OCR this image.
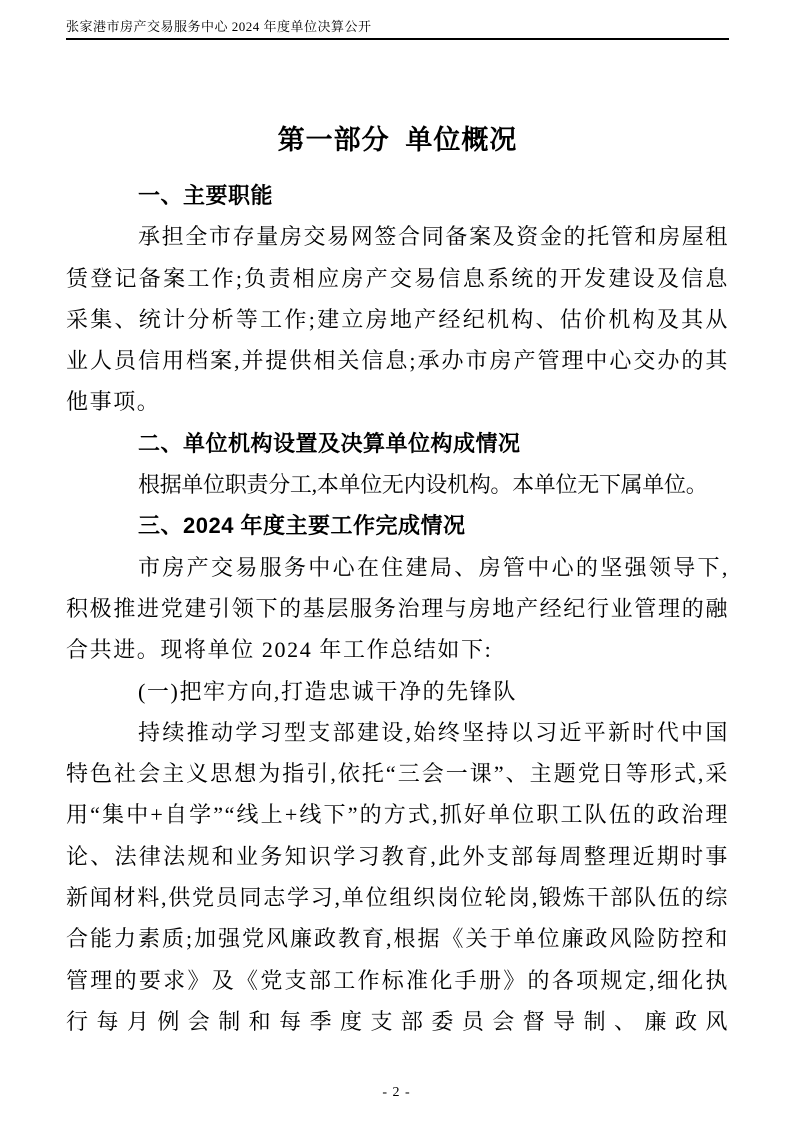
张家港市房产交易服务中心 2024 年度单位决算公开
第一部分 单位概况
一、主要职能

承担全市存量房交易网签合同备案及资金的托管和房屋租赁登记备案工作;负责相应房产交易信息系统的开发建设及信息采集、统计分析等工作;建立房地产经纪机构、估价机构及其从业人员信用档案,并提供相关信息;承办市房产管理中心交办的其他事项。

二、单位机构设置及决算单位构成情况

根据单位职责分工,本单位无内设机构。本单位无下属单位。

三、2024 年度主要工作完成情况

市房产交易服务中心在住建局、房管中心的坚强领导下,积极推进党建引领下的基层服务治理与房地产经纪行业管理的融合共进。现将单位 2024 年工作总结如下:

(一)把牢方向,打造忠诚干净的先锋队

持续推动学习型支部建设,始终坚持以习近平新时代中国特色社会主义思想为指引,依托“三会一课”、主题党日等形式,采用“集中+自学”“线上+线下”的方式,抓好单位职工队伍的政治理论、法律法规和业务知识学习教育,此外支部每周整理近期时事新闻材料,供党员同志学习,单位组织岗位轮岗,锻炼干部队伍的综合能力素质;加强党风廉政教育,根据《关于单位廉政风险防控和管理的要求》及《党支部工作标准化手册》的各项规定,细化执行每月例会制和每季度支部委员会督导制、廉政风

- 2 -
